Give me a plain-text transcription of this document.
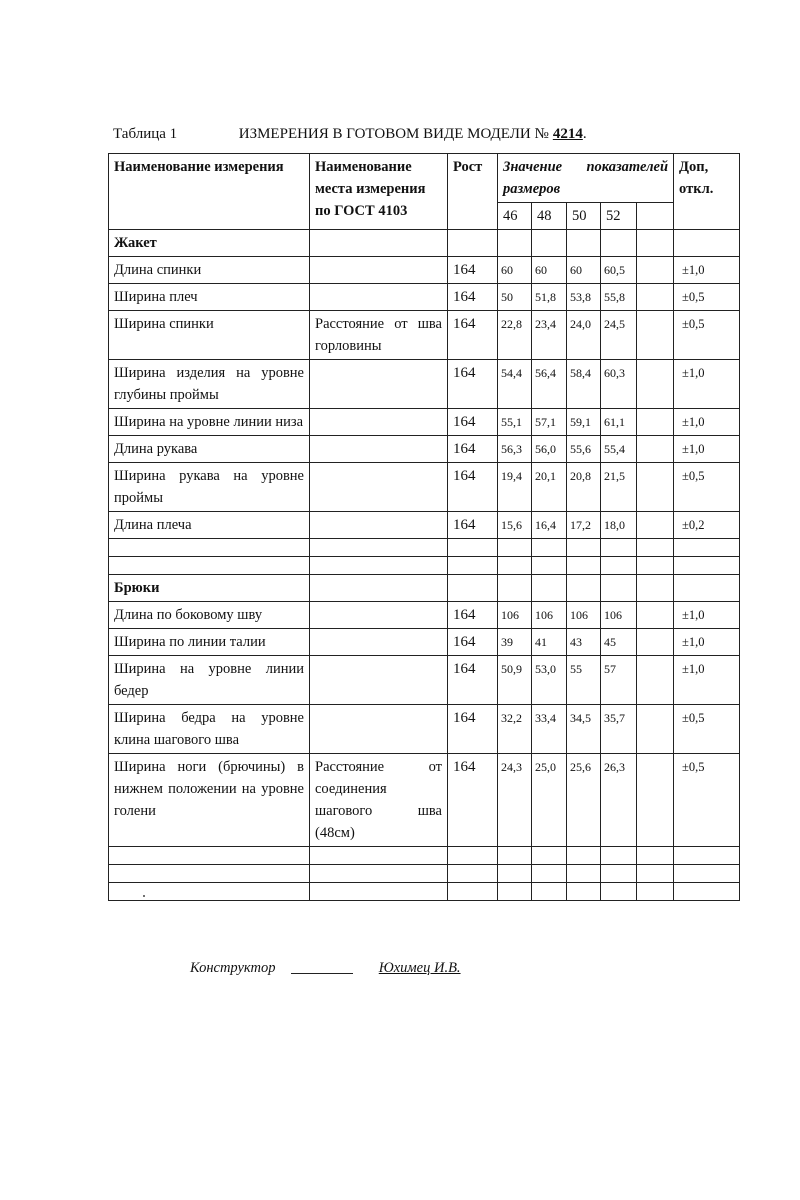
Таблица 1	ИЗМЕРЕНИЯ В ГОТОВОМ ВИДЕ МОДЕЛИ № 4214.
Наименование измерения	Наименование места измерения по ГОСТ 4103	Рост	Значение показателей размеров					Доп, откл.
			46	48	50	52		
Жакет								
Длина спинки		164	60	60	60	60,5		±1,0
Ширина плеч		164	50	51,8	53,8	55,8		±0,5
Ширина спинки	Расстояние от шва горловины	164	22,8	23,4	24,0	24,5		±0,5
Ширина изделия на уровне глубины проймы		164	54,4	56,4	58,4	60,3		±1,0
Ширина на уровне линии низа		164	55,1	57,1	59,1	61,1		±1,0
Длина рукава		164	56,3	56,0	55,6	55,4		±1,0
Ширина рукава на уровне проймы		164	19,4	20,1	20,8	21,5		±0,5
Длина плеча		164	15,6	16,4	17,2	18,0		±0,2

Брюки								
Длина по боковому шву		164	106	106	106	106		±1,0
Ширина по линии талии		164	39	41	43	45		±1,0
Ширина на уровне линии бедер		164	50,9	53,0	55	57		±1,0
Ширина бедра на уровне клина шагового шва		164	32,2	33,4	34,5	35,7		±0,5
Ширина ноги (брючины) в нижнем положении на уровне голени	Расстояние от соединения шагового шва (48см)	164	24,3	25,0	25,6	26,3		±0,5

Конструктор	Юхимец И.В.
